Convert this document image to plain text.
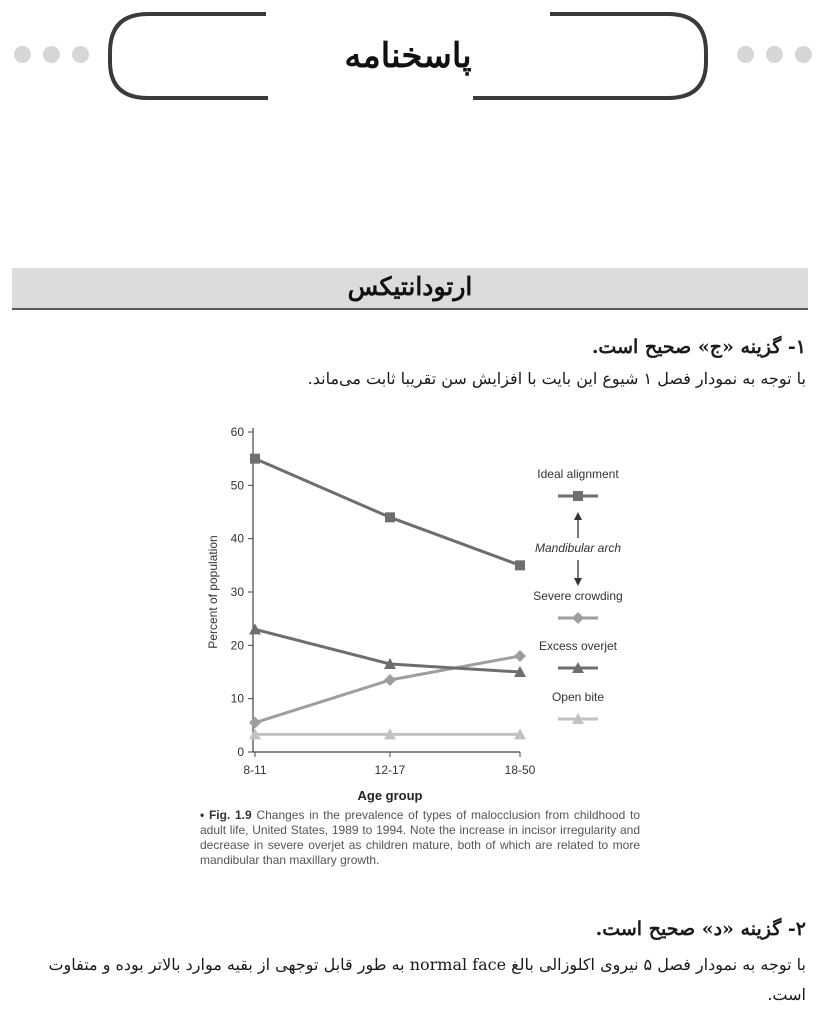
پاسخنامه
ارتودانتیکس
۱- گزینه «ج» صحیح است.
با توجه به نمودار فصل ۱ شیوع این بایت با افزایش سن تقریبا ثابت می‌ماند.
0
10
20
30
40
50
60
8-11	12-17	18-50
Age group
Percent of population
Ideal alignment
Severe crowding
Excess overjet
Open bite
Mandibular arch
• Fig. 1.9 Changes in the prevalence of types of malocclusion from childhood to adult life, United States, 1989 to 1994. Note the increase in incisor irregularity and decrease in severe overjet as children mature, both of which are related to more mandibular than maxillary growth.
۲- گزینه «د» صحیح است.
با توجه به نمودار فصل ۵ نیروی اکلوزالی بالغ normal face به طور قابل توجهی از بقیه موارد بالاتر بوده و متفاوت است.
